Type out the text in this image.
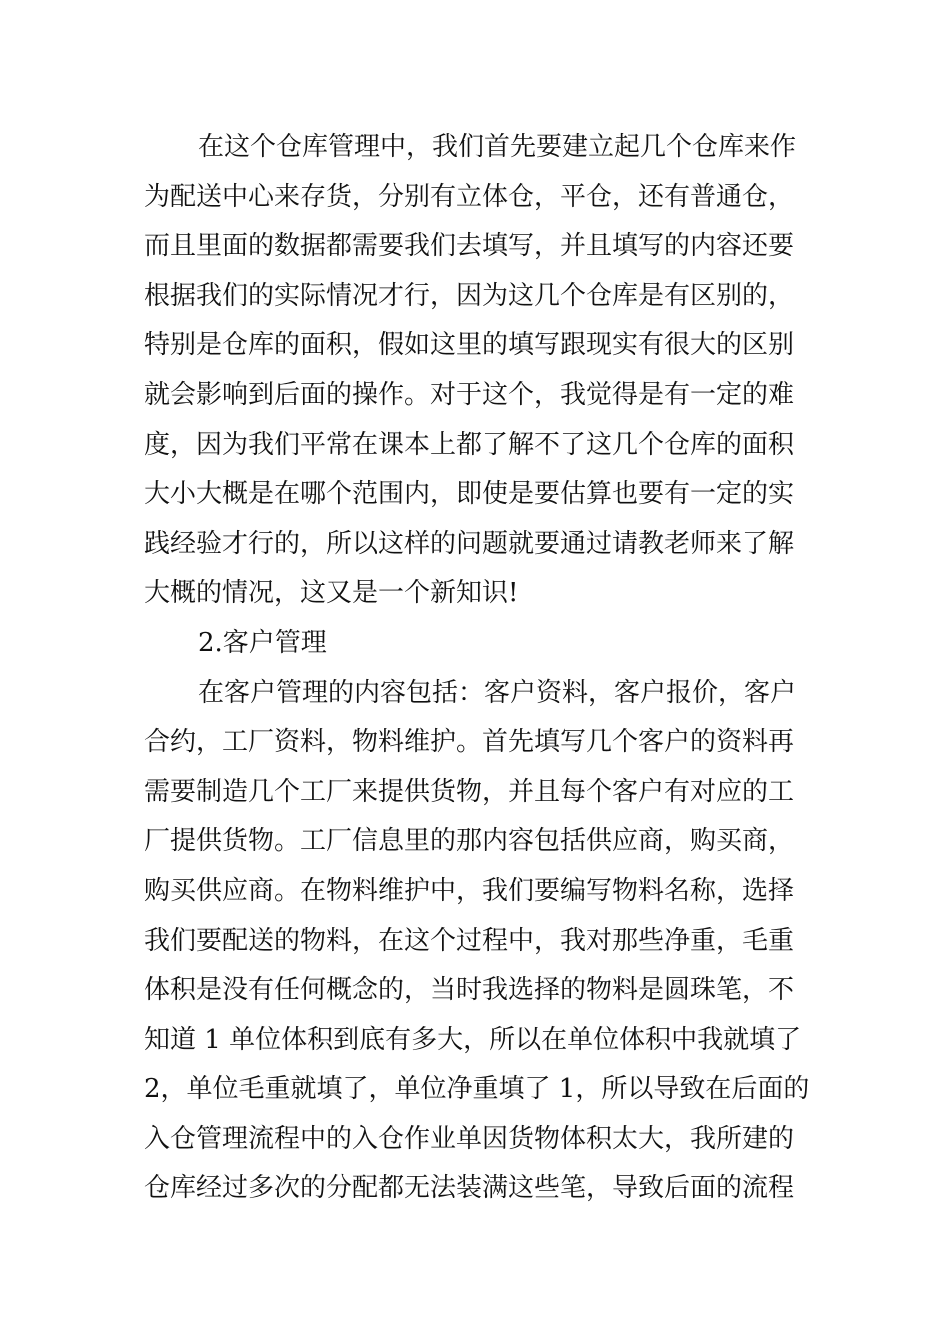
在这个仓库管理中，我们首先要建立起几个仓库来作
为配送中心来存货，分别有立体仓，平仓，还有普通仓，
而且里面的数据都需要我们去填写，并且填写的内容还要
根据我们的实际情况才行，因为这几个仓库是有区别的，
特别是仓库的面积，假如这里的填写跟现实有很大的区别
就会影响到后面的操作。对于这个，我觉得是有一定的难
度，因为我们平常在课本上都了解不了这几个仓库的面积
大小大概是在哪个范围内，即使是要估算也要有一定的实
践经验才行的，所以这样的问题就要通过请教老师来了解
大概的情况，这又是一个新知识!
2.客户管理
在客户管理的内容包括：客户资料，客户报价，客户
合约，工厂资料，物料维护。首先填写几个客户的资料再
需要制造几个工厂来提供货物，并且每个客户有对应的工
厂提供货物。工厂信息里的那内容包括供应商，购买商，
购买供应商。在物料维护中，我们要编写物料名称，选择
我们要配送的物料，在这个过程中，我对那些净重，毛重
体积是没有任何概念的，当时我选择的物料是圆珠笔，不
知道 1 单位体积到底有多大，所以在单位体积中我就填了
2，单位毛重就填了，单位净重填了 1，所以导致在后面的
入仓管理流程中的入仓作业单因货物体积太大，我所建的
仓库经过多次的分配都无法装满这些笔，导致后面的流程
